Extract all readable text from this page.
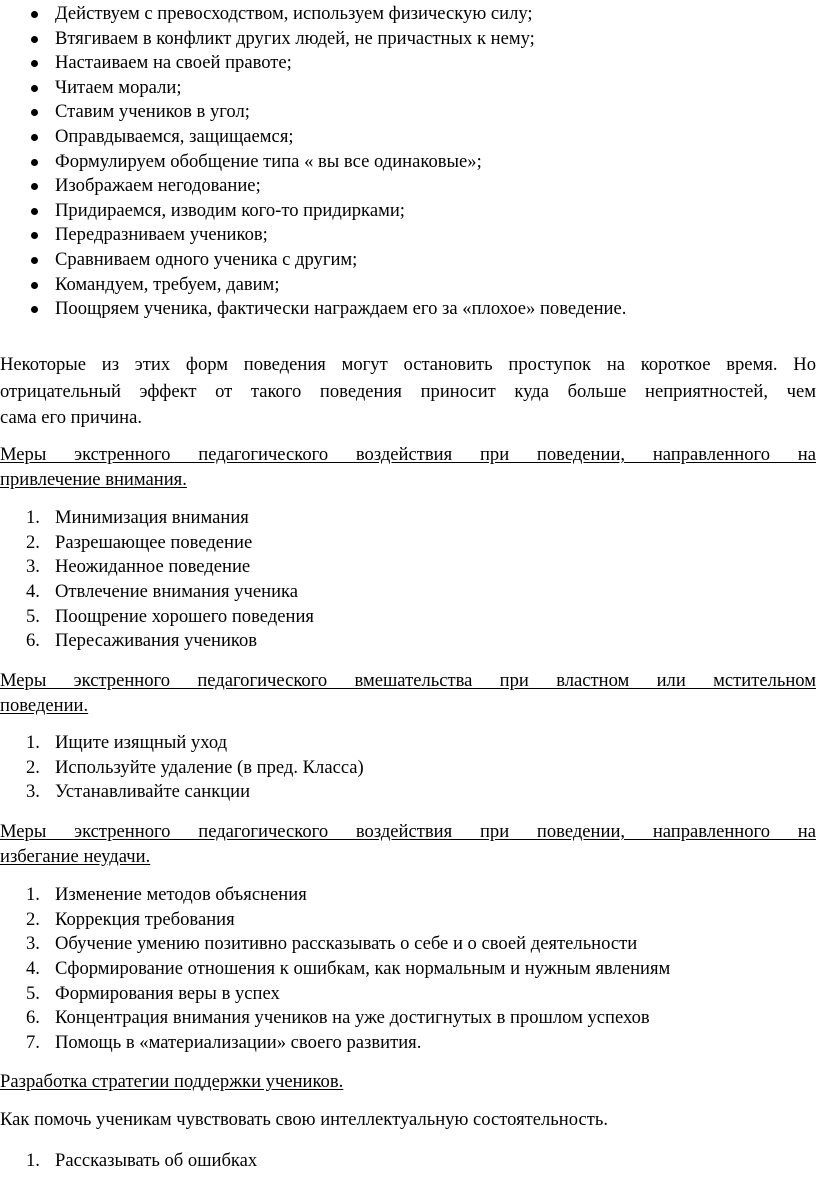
Действуем с превосходством, используем физическую силу;
Втягиваем в конфликт других людей, не причастных к нему;
Настаиваем на своей правоте;
Читаем морали;
Ставим учеников в угол;
Оправдываемся, защищаемся;
Формулируем обобщение типа « вы все одинаковые»;
Изображаем негодование;
Придираемся, изводим кого-то придирками;
Передразниваем учеников;
Сравниваем одного ученика с другим;
Командуем, требуем, давим;
Поощряем ученика, фактически награждаем его за «плохое» поведение.

Некоторые из этих форм поведения могут остановить проступок на короткое время. Но
отрицательный эффект от такого поведения приносит куда больше неприятностей, чем
сама его причина.

Меры экстренного педагогического воздействия при поведении, направленного на
привлечение внимания.

1. Минимизация внимания
2. Разрешающее поведение
3. Неожиданное поведение
4. Отвлечение внимания ученика
5. Поощрение хорошего поведения
6. Пересаживания учеников

Меры экстренного педагогического вмешательства при властном или мстительном
поведении.

1. Ищите изящный уход
2. Используйте удаление (в пред. Класса)
3. Устанавливайте санкции

Меры экстренного педагогического воздействия при поведении, направленного на
избегание неудачи.

1. Изменение методов объяснения
2. Коррекция требования
3. Обучение умению позитивно рассказывать о себе и о своей деятельности
4. Сформирование отношения к ошибкам, как нормальным и нужным явлениям
5. Формирования веры в успех
6. Концентрация внимания учеников на уже достигнутых в прошлом успехов
7. Помощь в «материализации» своего развития.

Разработка стратегии поддержки учеников.

Как помочь ученикам чувствовать свою интеллектуальную состоятельность.

1. Рассказывать об ошибках
